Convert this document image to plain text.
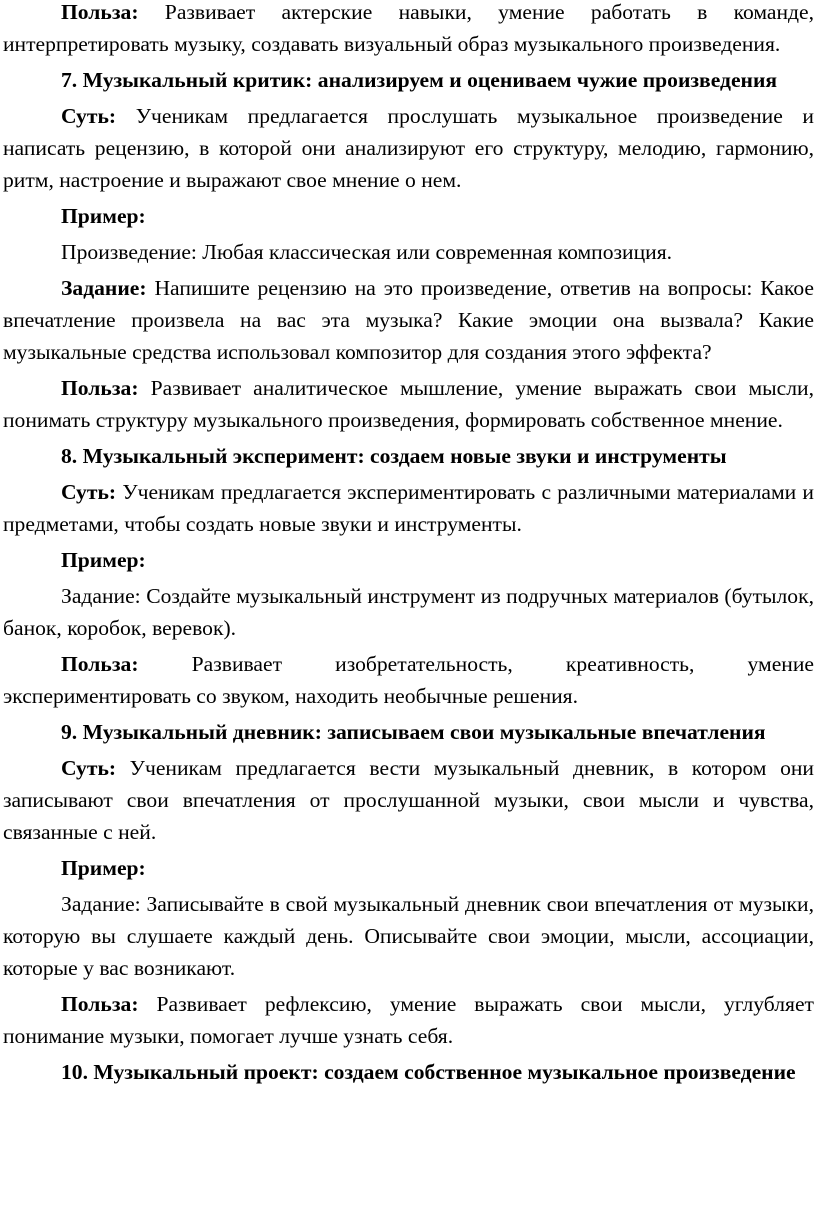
Польза: Развивает актерские навыки, умение работать в команде, интерпретировать музыку, создавать визуальный образ музыкального произведения.

7. Музыкальный критик: анализируем и оцениваем чужие произведения

Суть: Ученикам предлагается прослушать музыкальное произведение и написать рецензию, в которой они анализируют его структуру, мелодию, гармонию, ритм, настроение и выражают свое мнение о нем.

Пример:

Произведение: Любая классическая или современная композиция.

Задание: Напишите рецензию на это произведение, ответив на вопросы: Какое впечатление произвела на вас эта музыка? Какие эмоции она вызвала? Какие музыкальные средства использовал композитор для создания этого эффекта?

Польза: Развивает аналитическое мышление, умение выражать свои мысли, понимать структуру музыкального произведения, формировать собственное мнение.

8. Музыкальный эксперимент: создаем новые звуки и инструменты

Суть: Ученикам предлагается экспериментировать с различными материалами и предметами, чтобы создать новые звуки и инструменты.

Пример:

Задание: Создайте музыкальный инструмент из подручных материалов (бутылок, банок, коробок, веревок).

Польза: Развивает изобретательность, креативность, умение экспериментировать со звуком, находить необычные решения.

9. Музыкальный дневник: записываем свои музыкальные впечатления

Суть: Ученикам предлагается вести музыкальный дневник, в котором они записывают свои впечатления от прослушанной музыки, свои мысли и чувства, связанные с ней.

Пример:

Задание: Записывайте в свой музыкальный дневник свои впечатления от музыки, которую вы слушаете каждый день. Описывайте свои эмоции, мысли, ассоциации, которые у вас возникают.

Польза: Развивает рефлексию, умение выражать свои мысли, углубляет понимание музыки, помогает лучше узнать себя.

10. Музыкальный проект: создаем собственное музыкальное произведение
